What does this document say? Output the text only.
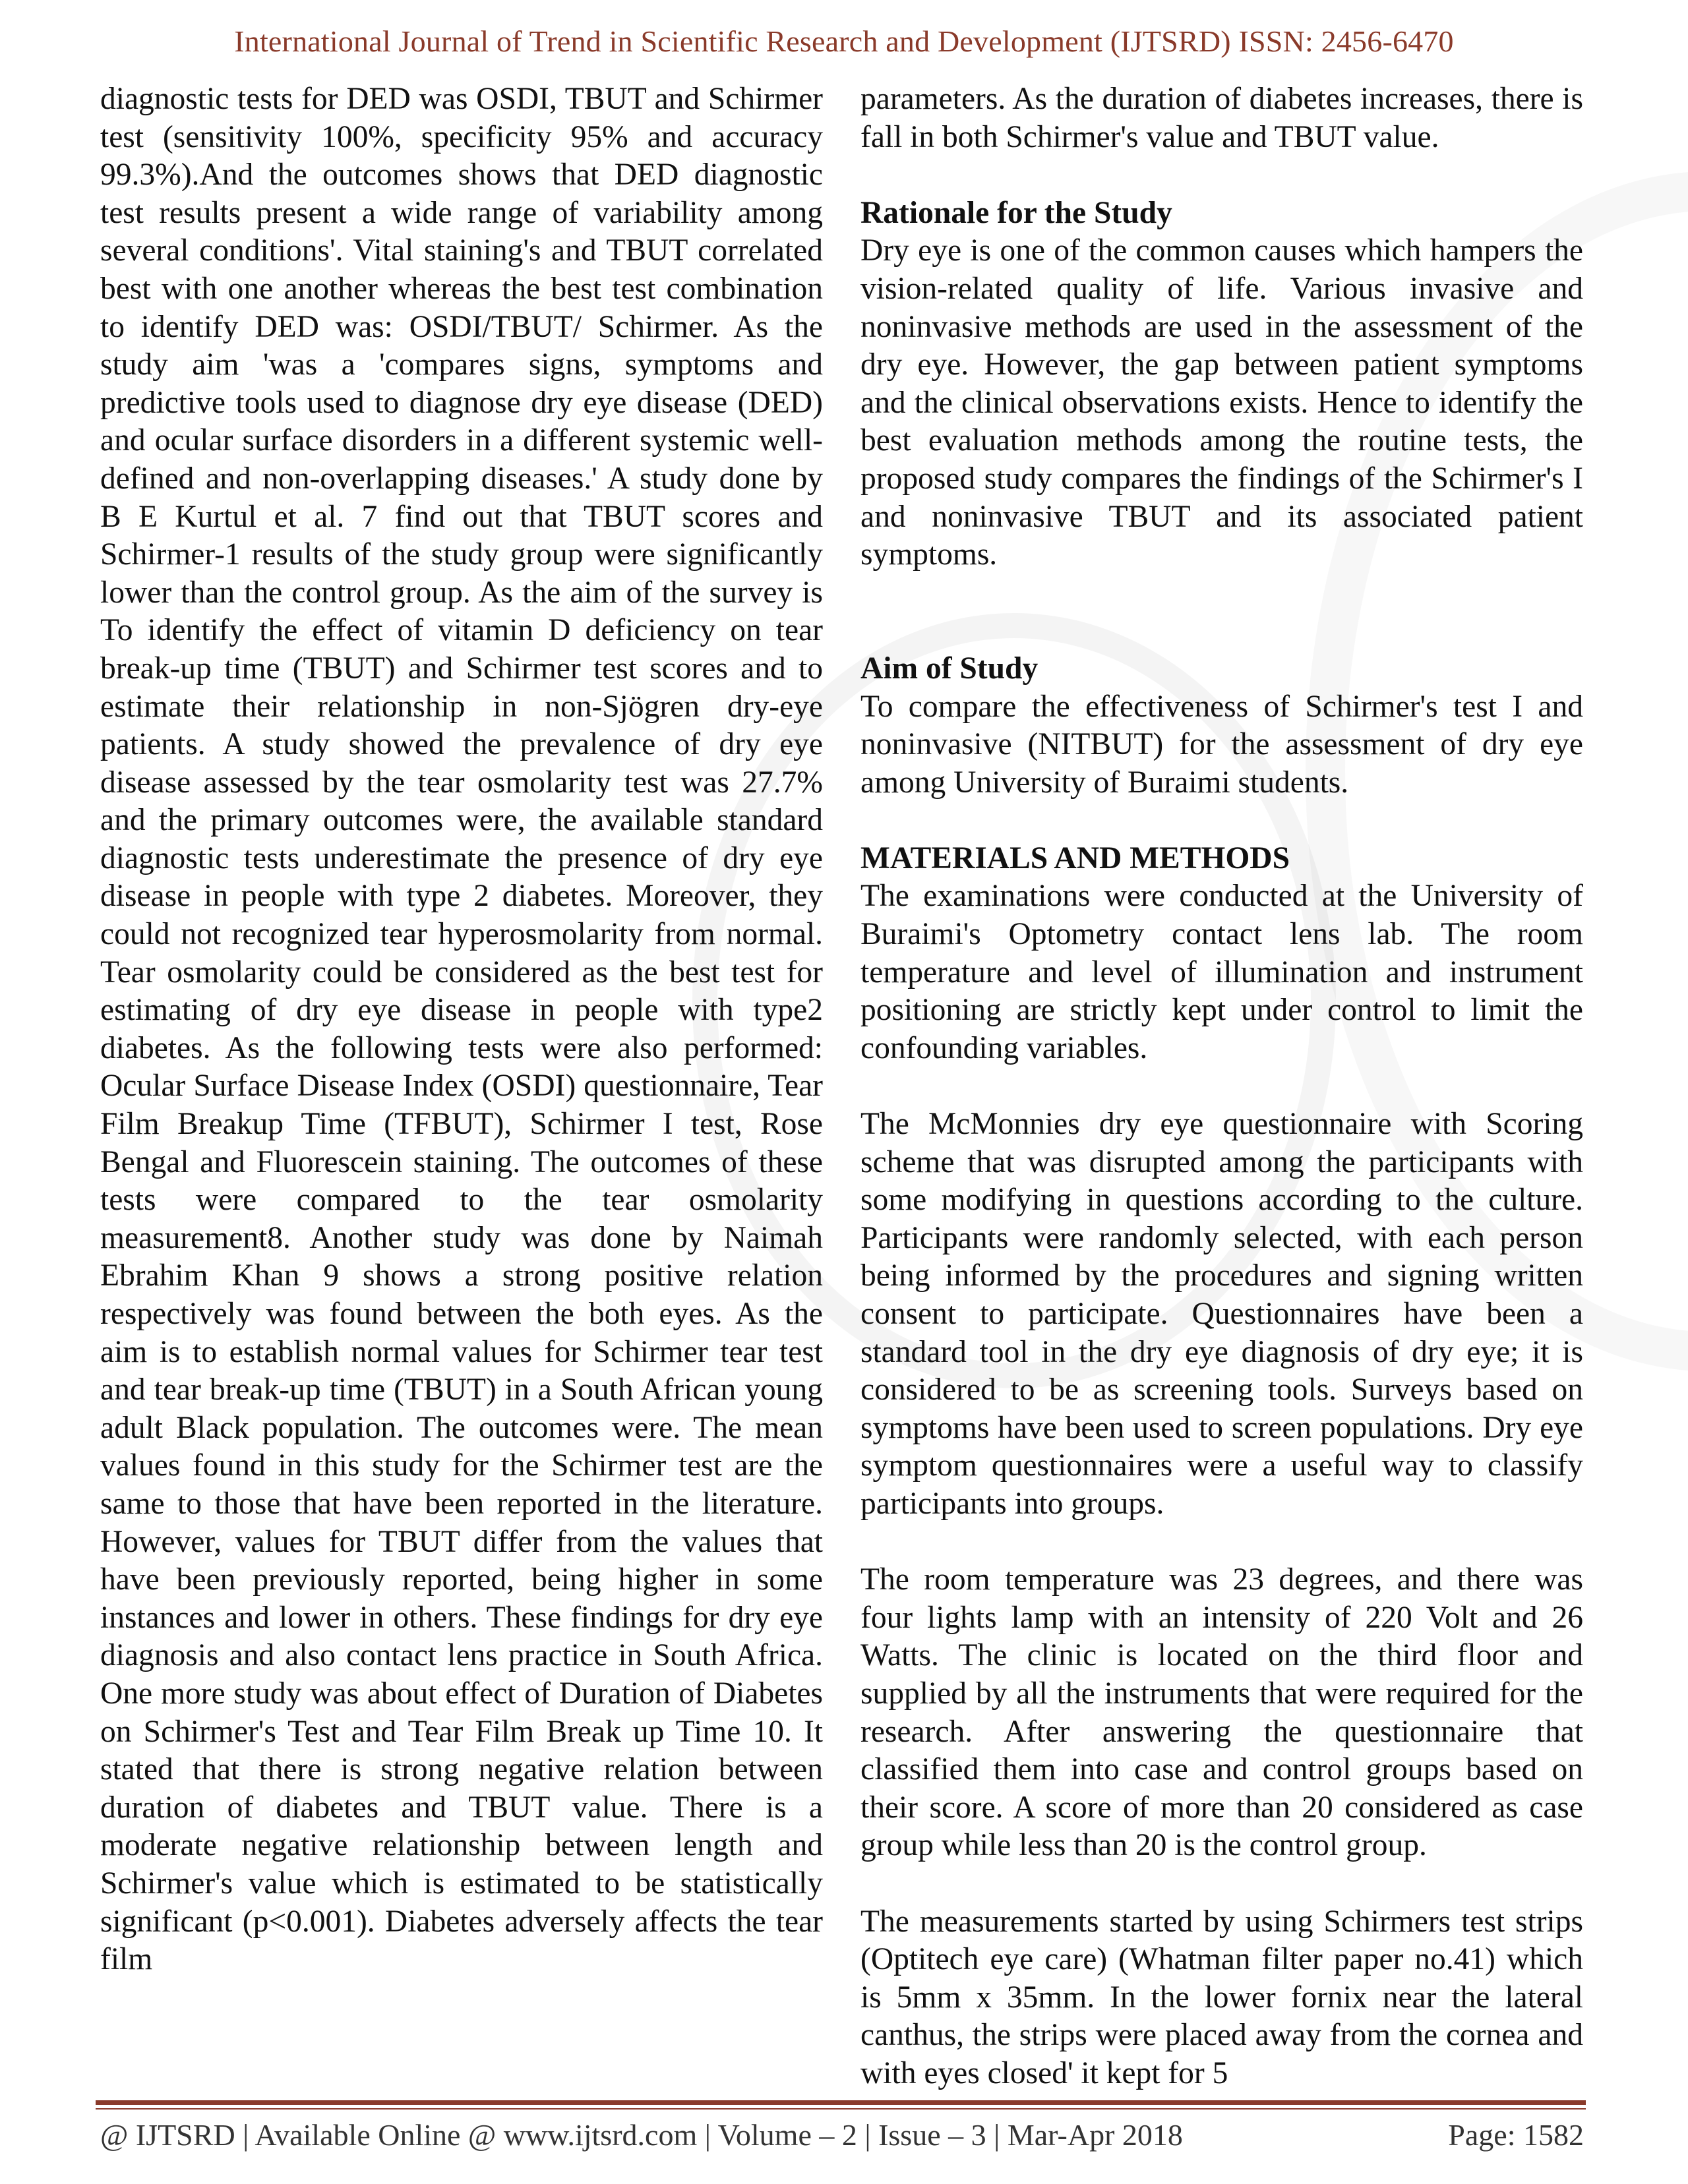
International Journal of Trend in Scientific Research and Development (IJTSRD) ISSN: 2456-6470

diagnostic tests for DED was OSDI, TBUT and Schirmer test (sensitivity 100%, specificity 95% and accuracy 99.3%).And the outcomes shows that DED diagnostic test results present a wide range of variability among several conditions'. Vital staining's and TBUT correlated best with one another whereas the best test combination to identify DED was: OSDI/TBUT/ Schirmer. As the study aim 'was a 'compares signs, symptoms and predictive tools used to diagnose dry eye disease (DED) and ocular surface disorders in a different systemic well-defined and non-overlapping diseases.' A study done by B E Kurtul et al. 7 find out that TBUT scores and Schirmer-1 results of the study group were significantly lower than the control group. As the aim of the survey is To identify the effect of vitamin D deficiency on tear break-up time (TBUT) and Schirmer test scores and to estimate their relationship in non-Sjögren dry-eye patients. A study showed the prevalence of dry eye disease assessed by the tear osmolarity test was 27.7% and the primary outcomes were, the available standard diagnostic tests underestimate the presence of dry eye disease in people with type 2 diabetes. Moreover, they could not recognized tear hyperosmolarity from normal. Tear osmolarity could be considered as the best test for estimating of dry eye disease in people with type2 diabetes. As the following tests were also performed: Ocular Surface Disease Index (OSDI) questionnaire, Tear Film Breakup Time (TFBUT), Schirmer I test, Rose Bengal and Fluorescein staining. The outcomes of these tests were compared to the tear osmolarity measurement8. Another study was done by Naimah Ebrahim Khan 9 shows a strong positive relation respectively was found between the both eyes. As the aim is to establish normal values for Schirmer tear test and tear break-up time (TBUT) in a South African young adult Black population. The outcomes were. The mean values found in this study for the Schirmer test are the same to those that have been reported in the literature. However, values for TBUT differ from the values that have been previously reported, being higher in some instances and lower in others. These findings for dry eye diagnosis and also contact lens practice in South Africa. One more study was about effect of Duration of Diabetes on Schirmer's Test and Tear Film Break up Time 10. It stated that there is strong negative relation between duration of diabetes and TBUT value. There is a moderate negative relationship between length and Schirmer's value which is estimated to be statistically significant (p<0.001). Diabetes adversely affects the tear film

parameters. As the duration of diabetes increases, there is fall in both Schirmer's value and TBUT value.

Rationale for the Study

Dry eye is one of the common causes which hampers the vision-related quality of life. Various invasive and noninvasive methods are used in the assessment of the dry eye. However, the gap between patient symptoms and the clinical observations exists. Hence to identify the best evaluation methods among the routine tests, the proposed study compares the findings of the Schirmer's I and noninvasive TBUT and its associated patient symptoms.

Aim of Study

To compare the effectiveness of Schirmer's test I and noninvasive (NITBUT) for the assessment of dry eye among University of Buraimi students.

MATERIALS AND METHODS

The examinations were conducted at the University of Buraimi's Optometry contact lens lab. The room temperature and level of illumination and instrument positioning are strictly kept under control to limit the confounding variables.

The McMonnies dry eye questionnaire with Scoring scheme that was disrupted among the participants with some modifying in questions according to the culture. Participants were randomly selected, with each person being informed by the procedures and signing written consent to participate. Questionnaires have been a standard tool in the dry eye diagnosis of dry eye; it is considered to be as screening tools. Surveys based on symptoms have been used to screen populations. Dry eye symptom questionnaires were a useful way to classify participants into groups.

The room temperature was 23 degrees, and there was four lights lamp with an intensity of 220 Volt and 26 Watts. The clinic is located on the third floor and supplied by all the instruments that were required for the research. After answering the questionnaire that classified them into case and control groups based on their score. A score of more than 20 considered as case group while less than 20 is the control group.

The measurements started by using Schirmers test strips (Optitech eye care) (Whatman filter paper no.41) which is 5mm x 35mm. In the lower fornix near the lateral canthus, the strips were placed away from the cornea and with eyes closed' it kept for 5

@ IJTSRD | Available Online @ www.ijtsrd.com | Volume – 2 | Issue – 3 | Mar-Apr 2018	Page: 1582
